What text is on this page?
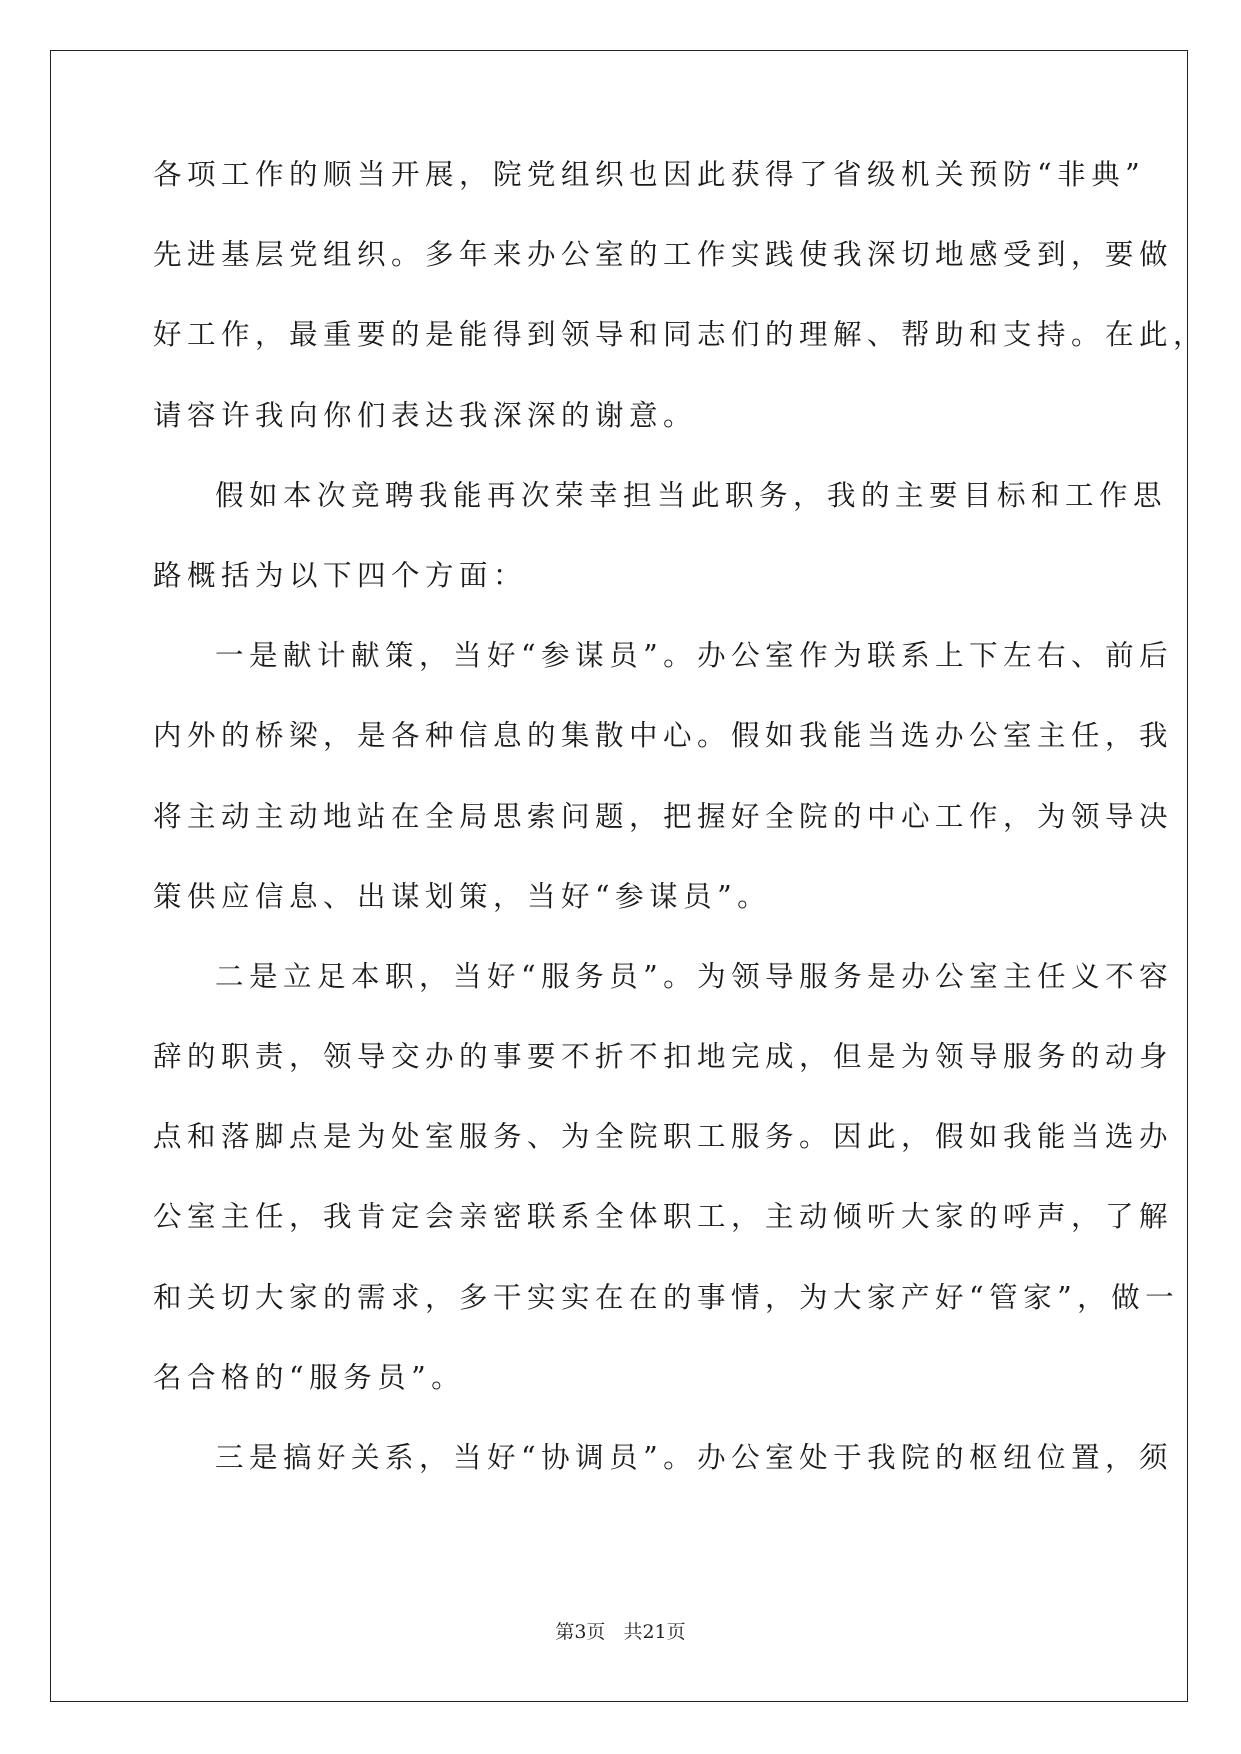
各项工作的顺当开展，院党组织也因此获得了省级机关预防“非典”
先进基层党组织。多年来办公室的工作实践使我深切地感受到，要做
好工作，最重要的是能得到领导和同志们的理解、帮助和支持。在此，
请容许我向你们表达我深深的谢意。
假如本次竞聘我能再次荣幸担当此职务，我的主要目标和工作思
路概括为以下四个方面：
一是献计献策，当好“参谋员”。办公室作为联系上下左右、前后
内外的桥梁，是各种信息的集散中心。假如我能当选办公室主任，我
将主动主动地站在全局思索问题，把握好全院的中心工作，为领导决
策供应信息、出谋划策，当好“参谋员”。
二是立足本职，当好“服务员”。为领导服务是办公室主任义不容
辞的职责，领导交办的事要不折不扣地完成，但是为领导服务的动身
点和落脚点是为处室服务、为全院职工服务。因此，假如我能当选办
公室主任，我肯定会亲密联系全体职工，主动倾听大家的呼声，了解
和关切大家的需求，多干实实在在的事情，为大家产好“管家”，做一
名合格的“服务员”。
三是搞好关系，当好“协调员”。办公室处于我院的枢纽位置，须
第3页 共21页
